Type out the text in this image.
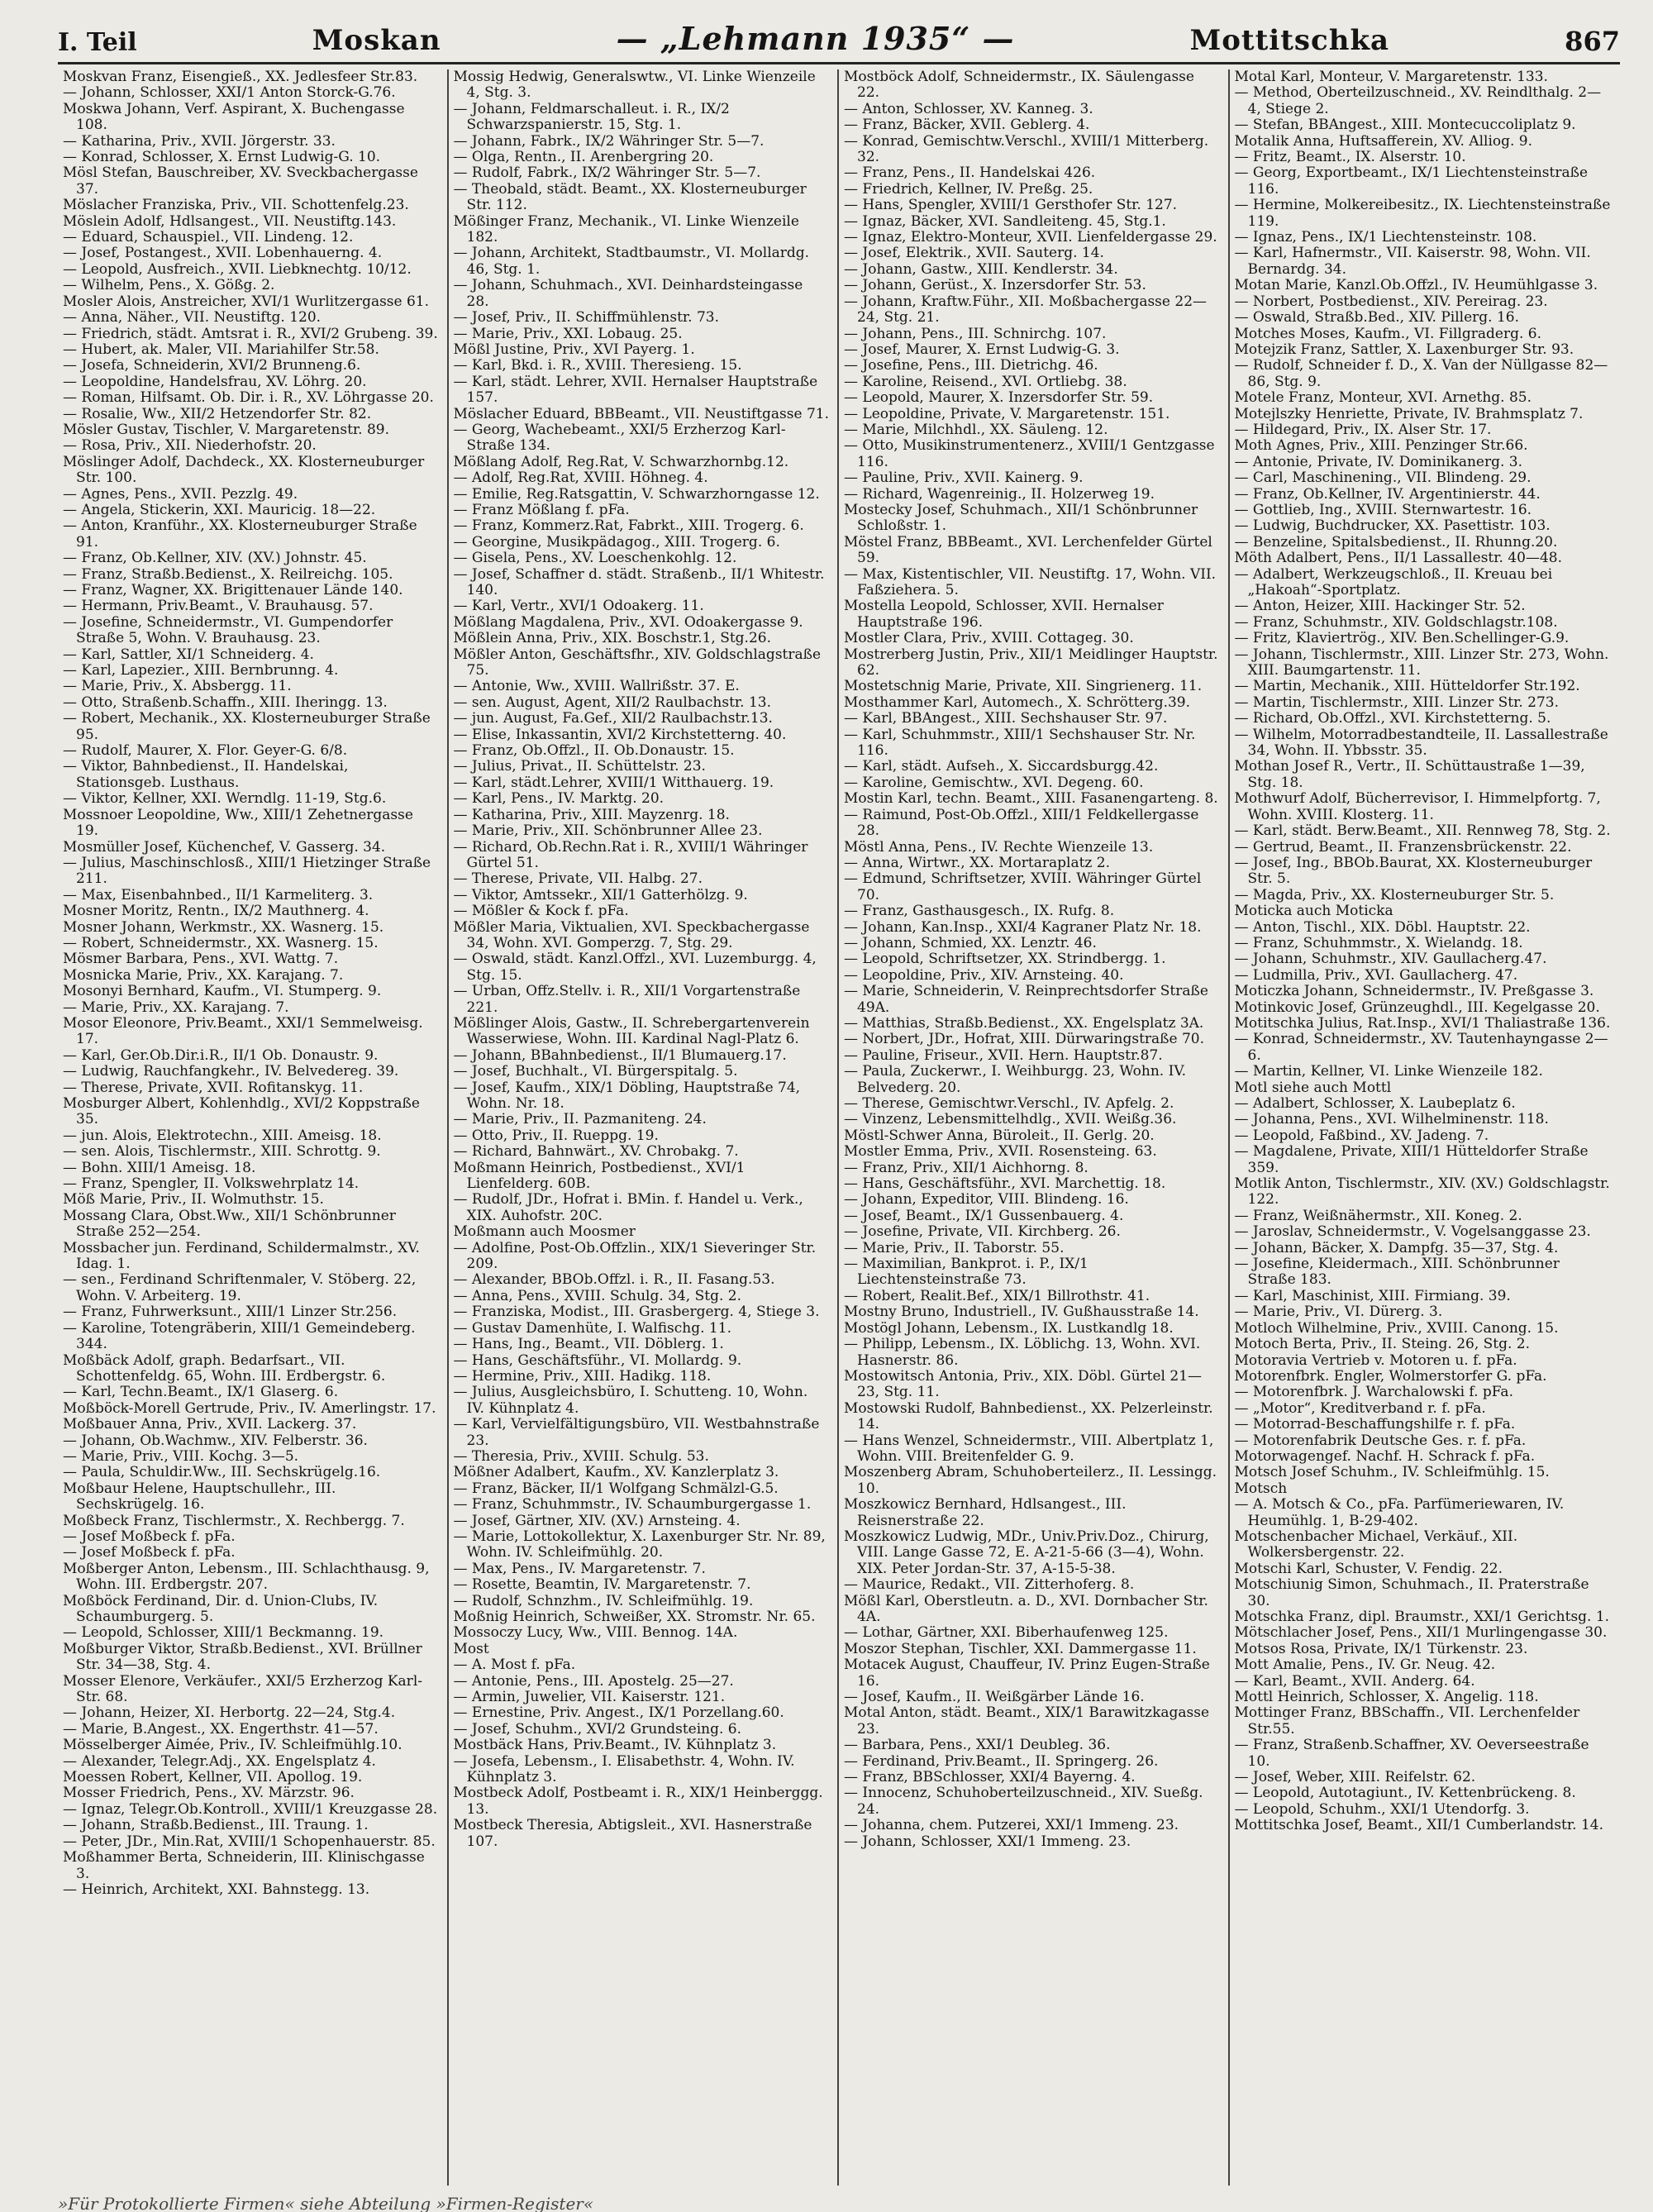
I. Teil	Moskan	— „Lehmann 1935“ —	Mottitschka	867
Moskvan Franz, Eisengieß., XX. Jedlesfeer Str.83.
— Johann, Schlosser, XXI/1 Anton Storck-G.76.
Moskwa Johann, Verf. Aspirant, X. Buchengasse 108.
— Katharina, Priv., XVII. Jörgerstr. 33.
— Konrad, Schlosser, X. Ernst Ludwig-G. 10.
Mösl Stefan, Bauschreiber, XV. Sveckbachergasse 37.
Möslacher Franziska, Priv., VII. Schottenfelg.23.
Möslein Adolf, Hdlsangest., VII. Neustiftg.143.
— Eduard, Schauspiel., VII. Lindeng. 12.
— Josef, Postangest., XVII. Lobenhauerng. 4.
— Leopold, Ausfreich., XVII. Liebknechtg. 10/12.
— Wilhelm, Pens., X. Gößg. 2.
Mosler Alois, Anstreicher, XVI/1 Wurlitzergasse 61.
— Anna, Näher., VII. Neustiftg. 120.
— Friedrich, städt. Amtsrat i. R., XVI/2 Grubeng. 39.
— Hubert, ak. Maler, VII. Mariahilfer Str.58.
— Josefa, Schneiderin, XVI/2 Brunneng.6.
— Leopoldine, Handelsfrau, XV. Löhrg. 20.
— Roman, Hilfsamt. Ob. Dir. i. R., XV. Löhrgasse 20.
— Rosalie, Ww., XII/2 Hetzendorfer Str. 82.
Mösler Gustav, Tischler, V. Margaretenstr. 89.
— Rosa, Priv., XII. Niederhofstr. 20.
Möslinger Adolf, Dachdeck., XX. Klosterneuburger Str. 100.
— Agnes, Pens., XVII. Pezzlg. 49.
— Angela, Stickerin, XXI. Mauricig. 18—22.
— Anton, Kranführ., XX. Klosterneuburger Straße 91.
— Franz, Ob.Kellner, XIV. (XV.) Johnstr. 45.
— Franz, Straßb.Bedienst., X. Reilreichg. 105.
— Franz, Wagner, XX. Brigittenauer Lände 140.
— Hermann, Priv.Beamt., V. Brauhausg. 57.
— Josefine, Schneidermstr., VI. Gumpendorfer Straße 5, Wohn. V. Brauhausg. 23.
— Karl, Sattler, XI/1 Schneiderg. 4.
— Karl, Lapezier., XIII. Bernbrunng. 4.
— Marie, Priv., X. Absbergg. 11.
— Otto, Straßenb.Schaffn., XIII. Iheringg. 13.
— Robert, Mechanik., XX. Klosterneuburger Straße 95.
— Rudolf, Maurer, X. Flor. Geyer-G. 6/8.
— Viktor, Bahnbedienst., II. Handelskai, Stationsgeb. Lusthaus.
— Viktor, Kellner, XXI. Werndlg. 11-19, Stg.6.
Mossnoer Leopoldine, Ww., XIII/1 Zehetnergasse 19.
Mosmüller Josef, Küchenchef, V. Gasserg. 34.
— Julius, Maschinschlosß., XIII/1 Hietzinger Straße 211.
— Max, Eisenbahnbed., II/1 Karmeliterg. 3.
Mosner Moritz, Rentn., IX/2 Mauthnerg. 4.
Mosner Johann, Werkmstr., XX. Wasnerg. 15.
— Robert, Schneidermstr., XX. Wasnerg. 15.
Mösmer Barbara, Pens., XVI. Wattg. 7.
Mosnicka Marie, Priv., XX. Karajang. 7.
Mosonyi Bernhard, Kaufm., VI. Stumperg. 9.
— Marie, Priv., XX. Karajang. 7.
Mosor Eleonore, Priv.Beamt., XXI/1 Semmelweisg. 17.
— Karl, Ger.Ob.Dir.i.R., II/1 Ob. Donaustr. 9.
— Ludwig, Rauchfangkehr., IV. Belvedereg. 39.
— Therese, Private, XVII. Rofitanskyg. 11.
Mosburger Albert, Kohlenhdlg., XVI/2 Koppstraße 35.
— jun. Alois, Elektrotechn., XIII. Ameisg. 18.
— sen. Alois, Tischlermstr., XIII. Schrottg. 9.
— Bohn. XIII/1 Ameisg. 18.
— Franz, Spengler, II. Volkswehrplatz 14.
Möß Marie, Priv., II. Wolmuthstr. 15.
Mossang Clara, Obst.Ww., XII/1 Schönbrunner Straße 252—254.
Mossbacher jun. Ferdinand, Schildermalmstr., XV. Idag. 1.
— sen., Ferdinand Schriftenmaler, V. Stöberg. 22, Wohn. V. Arbeiterg. 19.
— Franz, Fuhrwerksunt., XIII/1 Linzer Str.256.
— Karoline, Totengräberin, XIII/1 Gemeindeberg. 344.
Moßbäck Adolf, graph. Bedarfsart., VII. Schottenfeldg. 65, Wohn. III. Erdbergstr. 6.
— Karl, Techn.Beamt., IX/1 Glaserg. 6.
Moßböck-Morell Gertrude, Priv., IV. Amerlingstr. 17.
Moßbauer Anna, Priv., XVII. Lackerg. 37.
— Johann, Ob.Wachmw., XIV. Felberstr. 36.
— Marie, Priv., VIII. Kochg. 3—5.
— Paula, Schuldir.Ww., III. Sechskrügelg.16.
Moßbaur Helene, Hauptschullehr., III. Sechskrügelg. 16.
Moßbeck Franz, Tischlermstr., X. Rechbergg. 7.
— Josef Moßbeck f. pFa.
— Josef Moßbeck f. pFa.
Moßberger Anton, Lebensm., III. Schlachthausg. 9, Wohn. III. Erdbergstr. 207.
Moßböck Ferdinand, Dir. d. Union-Clubs, IV. Schaumburgerg. 5.
— Leopold, Schlosser, XIII/1 Beckmanng. 19.
Moßburger Viktor, Straßb.Bedienst., XVI. Brüllner Str. 34—38, Stg. 4.
Mosser Elenore, Verkäufer., XXI/5 Erzherzog Karl-Str. 68.
— Johann, Heizer, XI. Herbortg. 22—24, Stg.4.
— Marie, B.Angest., XX. Engerthstr. 41—57.
Mösselberger Aimée, Priv., IV. Schleifmühlg.10.
— Alexander, Telegr.Adj., XX. Engelsplatz 4.
Moessen Robert, Kellner, VII. Apollog. 19.
Mosser Friedrich, Pens., XV. Märzstr. 96.
— Ignaz, Telegr.Ob.Kontroll., XVIII/1 Kreuzgasse 28.
— Johann, Straßb.Bedienst., III. Traung. 1.
— Peter, JDr., Min.Rat, XVIII/1 Schopenhauerstr. 85.
Moßhammer Berta, Schneiderin, III. Klinischgasse 3.
— Heinrich, Architekt, XXI. Bahnstegg. 13.
Mossig Hedwig, Generalswtw., VI. Linke Wienzeile 4, Stg. 3.
— Johann, Feldmarschalleut. i. R., IX/2 Schwarzspanierstr. 15, Stg. 1.
— Johann, Fabrk., IX/2 Währinger Str. 5—7.
— Olga, Rentn., II. Arenbergring 20.
— Rudolf, Fabrk., IX/2 Währinger Str. 5—7.
— Theobald, städt. Beamt., XX. Klosterneuburger Str. 112.
Mößinger Franz, Mechanik., VI. Linke Wienzeile 182.
— Johann, Architekt, Stadtbaumstr., VI. Mollardg. 46, Stg. 1.
— Johann, Schuhmach., XVI. Deinhardsteingasse 28.
— Josef, Priv., II. Schiffmühlenstr. 73.
— Marie, Priv., XXI. Lobaug. 25.
Mößl Justine, Priv., XVI Payerg. 1.
— Karl, Bkd. i. R., XVIII. Theresieng. 15.
— Karl, städt. Lehrer, XVII. Hernalser Hauptstraße 157.
Möslacher Eduard, BBBeamt., VII. Neustiftgasse 71.
— Georg, Wachebeamt., XXI/5 Erzherzog Karl-Straße 134.
Mößlang Adolf, Reg.Rat, V. Schwarzhornbg.12.
— Adolf, Reg.Rat, XVIII. Höhneg. 4.
— Emilie, Reg.Ratsgattin, V. Schwarzhorngasse 12.
— Franz Mößlang f. pFa.
— Franz, Kommerz.Rat, Fabrkt., XIII. Trogerg. 6.
— Georgine, Musikpädagog., XIII. Trogerg. 6.
— Gisela, Pens., XV. Loeschenkohlg. 12.
— Josef, Schaffner d. städt. Straßenb., II/1 Whitestr. 140.
— Karl, Vertr., XVI/1 Odoakerg. 11.
Mößlang Magdalena, Priv., XVI. Odoakergasse 9.
Mößlein Anna, Priv., XIX. Boschstr.1, Stg.26.
Mößler Anton, Geschäftsfhr., XIV. Goldschlagstraße 75.
— Antonie, Ww., XVIII. Wallrißstr. 37. E.
— sen. August, Agent, XII/2 Raulbachstr. 13.
— jun. August, Fa.Gef., XII/2 Raulbachstr.13.
— Elise, Inkassantin, XVI/2 Kirchstetterng. 40.
— Franz, Ob.Offzl., II. Ob.Donaustr. 15.
— Julius, Privat., II. Schüttelstr. 23.
— Karl, städt.Lehrer, XVIII/1 Witthauerg. 19.
— Karl, Pens., IV. Marktg. 20.
— Katharina, Priv., XIII. Mayzenrg. 18.
— Marie, Priv., XII. Schönbrunner Allee 23.
— Richard, Ob.Rechn.Rat i. R., XVIII/1 Währinger Gürtel 51.
— Therese, Private, VII. Halbg. 27.
— Viktor, Amtssekr., XII/1 Gatterhölzg. 9.
— Mößler & Kock f. pFa.
Mößler Maria, Viktualien, XVI. Speckbachergasse 34, Wohn. XVI. Gomperzg. 7, Stg. 29.
— Oswald, städt. Kanzl.Offzl., XVI. Luzemburgg. 4, Stg. 15.
— Urban, Offz.Stellv. i. R., XII/1 Vorgartenstraße 221.
Mößlinger Alois, Gastw., II. Schrebergartenverein Wasserwiese, Wohn. III. Kardinal Nagl-Platz 6.
— Johann, BBahnbedienst., II/1 Blumauerg.17.
— Josef, Buchhalt., VI. Bürgerspitalg. 5.
— Josef, Kaufm., XIX/1 Döbling, Hauptstraße 74, Wohn. Nr. 18.
— Marie, Priv., II. Pazmaniteng. 24.
— Otto, Priv., II. Rueppg. 19.
— Richard, Bahnwärt., XV. Chrobakg. 7.
Moßmann Heinrich, Postbedienst., XVI/1 Lienfelderg. 60B.
— Rudolf, JDr., Hofrat i. BMin. f. Handel u. Verk., XIX. Auhofstr. 20C.
Moßmann auch Moosmer
— Adolfine, Post-Ob.Offzlin., XIX/1 Sieveringer Str. 209.
— Alexander, BBOb.Offzl. i. R., II. Fasang.53.
— Anna, Pens., XVIII. Schulg. 34, Stg. 2.
— Franziska, Modist., III. Grasbergerg. 4, Stiege 3.
— Gustav Damenhüte, I. Walfischg. 11.
— Hans, Ing., Beamt., VII. Döblerg. 1.
— Hans, Geschäftsführ., VI. Mollardg. 9.
— Hermine, Priv., XIII. Hadikg. 118.
— Julius, Ausgleichsbüro, I. Schutteng. 10, Wohn. IV. Kühnplatz 4.
— Karl, Vervielfältigungsbüro, VII. Westbahnstraße 23.
— Theresia, Priv., XVIII. Schulg. 53.
Mößner Adalbert, Kaufm., XV. Kanzlerplatz 3.
— Franz, Bäcker, II/1 Wolfgang Schmälzl-G.5.
— Franz, Schuhmmstr., IV. Schaumburgergasse 1.
— Josef, Gärtner, XIV. (XV.) Arnsteing. 4.
— Marie, Lottokollektur, X. Laxenburger Str. Nr. 89, Wohn. IV. Schleifmühlg. 20.
— Max, Pens., IV. Margaretenstr. 7.
— Rosette, Beamtin, IV. Margaretenstr. 7.
— Rudolf, Schnzhm., IV. Schleifmühlg. 19.
Moßnig Heinrich, Schweißer, XX. Stromstr. Nr. 65.
Mossoczy Lucy, Ww., VIII. Bennog. 14A.
Most
— A. Most f. pFa.
— Antonie, Pens., III. Apostelg. 25—27.
— Armin, Juwelier, VII. Kaiserstr. 121.
— Ernestine, Priv. Angest., IX/1 Porzellang.60.
— Josef, Schuhm., XVI/2 Grundsteing. 6.
Mostbäck Hans, Priv.Beamt., IV. Kühnplatz 3.
— Josefa, Lebensm., I. Elisabethstr. 4, Wohn. IV. Kühnplatz 3.
Mostbeck Adolf, Postbeamt i. R., XIX/1 Heinberggg. 13.
Mostbeck Theresia, Abtigsleit., XVI. Hasnerstraße 107.
Mostböck Adolf, Schneidermstr., IX. Säulengasse 22.
— Anton, Schlosser, XV. Kanneg. 3.
— Franz, Bäcker, XVII. Geblerg. 4.
— Konrad, Gemischtw.Verschl., XVIII/1 Mitterberg. 32.
— Franz, Pens., II. Handelskai 426.
— Friedrich, Kellner, IV. Preßg. 25.
— Hans, Spengler, XVIII/1 Gersthofer Str. 127.
— Ignaz, Bäcker, XVI. Sandleiteng. 45, Stg.1.
— Ignaz, Elektro-Monteur, XVII. Lienfeldergasse 29.
— Josef, Elektrik., XVII. Sauterg. 14.
— Johann, Gastw., XIII. Kendlerstr. 34.
— Johann, Gerüst., X. Inzersdorfer Str. 53.
— Johann, Kraftw.Führ., XII. Moßbachergasse 22—24, Stg. 21.
— Johann, Pens., III. Schnirchg. 107.
— Josef, Maurer, X. Ernst Ludwig-G. 3.
— Josefine, Pens., III. Dietrichg. 46.
— Karoline, Reisend., XVI. Ortliebg. 38.
— Leopold, Maurer, X. Inzersdorfer Str. 59.
— Leopoldine, Private, V. Margaretenstr. 151.
— Marie, Milchhdl., XX. Säuleng. 12.
— Otto, Musikinstrumentenerz., XVIII/1 Gentzgasse 116.
— Pauline, Priv., XVII. Kainerg. 9.
— Richard, Wagenreinig., II. Holzerweg 19.
Mostecky Josef, Schuhmach., XII/1 Schönbrunner Schloßstr. 1.
Möstel Franz, BBBeamt., XVI. Lerchenfelder Gürtel 59.
— Max, Kistentischler, VII. Neustiftg. 17, Wohn. VII. Faßziehera. 5.
Mostella Leopold, Schlosser, XVII. Hernalser Hauptstraße 196.
Mostler Clara, Priv., XVIII. Cottageg. 30.
Mostrerberg Justin, Priv., XII/1 Meidlinger Hauptstr. 62.
Mostetschnig Marie, Private, XII. Singrienerg. 11.
Mosthammer Karl, Automech., X. Schrötterg.39.
— Karl, BBAngest., XIII. Sechshauser Str. 97.
— Karl, Schuhmmstr., XIII/1 Sechshauser Str. Nr. 116.
— Karl, städt. Aufseh., X. Siccardsburgg.42.
— Karoline, Gemischtw., XVI. Degeng. 60.
Mostin Karl, techn. Beamt., XIII. Fasanengarteng. 8.
— Raimund, Post-Ob.Offzl., XIII/1 Feldkellergasse 28.
Möstl Anna, Pens., IV. Rechte Wienzeile 13.
— Anna, Wirtwr., XX. Mortaraplatz 2.
— Edmund, Schriftsetzer, XVIII. Währinger Gürtel 70.
— Franz, Gasthausgesch., IX. Rufg. 8.
— Johann, Kan.Insp., XXI/4 Kagraner Platz Nr. 18.
— Johann, Schmied, XX. Lenztr. 46.
— Leopold, Schriftsetzer, XX. Strindbergg. 1.
— Leopoldine, Priv., XIV. Arnsteing. 40.
— Marie, Schneiderin, V. Reinprechtsdorfer Straße 49A.
— Matthias, Straßb.Bedienst., XX. Engelsplatz 3A.
— Norbert, JDr., Hofrat, XIII. Dürwaringstraße 70.
— Pauline, Friseur., XVII. Hern. Hauptstr.87.
— Paula, Zuckerwr., I. Weihburgg. 23, Wohn. IV. Belvederg. 20.
— Therese, Gemischtwr.Verschl., IV. Apfelg. 2.
— Vinzenz, Lebensmittelhdlg., XVII. Weißg.36.
Möstl-Schwer Anna, Büroleit., II. Gerlg. 20.
Mostler Emma, Priv., XVII. Rosensteing. 63.
— Franz, Priv., XII/1 Aichhorng. 8.
— Hans, Geschäftsführ., XVI. Marchettig. 18.
— Johann, Expeditor, VIII. Blindeng. 16.
— Josef, Beamt., IX/1 Gussenbauerg. 4.
— Josefine, Private, VII. Kirchberg. 26.
— Marie, Priv., II. Taborstr. 55.
— Maximilian, Bankprot. i. P., IX/1 Liechtensteinstraße 73.
— Robert, Realit.Bef., XIX/1 Billrothstr. 41.
Mostny Bruno, Industriell., IV. Gußhausstraße 14.
Mostögl Johann, Lebensm., IX. Lustkandlg 18.
— Philipp, Lebensm., IX. Löblichg. 13, Wohn. XVI. Hasnerstr. 86.
Mostowitsch Antonia, Priv., XIX. Döbl. Gürtel 21—23, Stg. 11.
Mostowski Rudolf, Bahnbedienst., XX. Pelzerleinstr. 14.
— Hans Wenzel, Schneidermstr., VIII. Albertplatz 1, Wohn. VIII. Breitenfelder G. 9.
Moszenberg Abram, Schuhoberteilerz., II. Lessingg. 10.
Moszkowicz Bernhard, Hdlsangest., III. Reisnerstraße 22.
Moszkowicz Ludwig, MDr., Univ.Priv.Doz., Chirurg, VIII. Lange Gasse 72, E. A-21-5-66 (3—4), Wohn. XIX. Peter Jordan-Str. 37, A-15-5-38.
— Maurice, Redakt., VII. Zitterhoferg. 8.
Mößl Karl, Oberstleutn. a. D., XVI. Dornbacher Str. 4A.
— Lothar, Gärtner, XXI. Biberhaufenweg 125.
Moszor Stephan, Tischler, XXI. Dammergasse 11.
Motacek August, Chauffeur, IV. Prinz Eugen-Straße 16.
— Josef, Kaufm., II. Weißgärber Lände 16.
Motal Anton, städt. Beamt., XIX/1 Barawitzkagasse 23.
— Barbara, Pens., XXI/1 Deubleg. 36.
— Ferdinand, Priv.Beamt., II. Springerg. 26.
— Franz, BBSchlosser, XXI/4 Bayerng. 4.
— Innocenz, Schuhoberteilzuschneid., XIV. Sueßg. 24.
— Johanna, chem. Putzerei, XXI/1 Immeng. 23.
— Johann, Schlosser, XXI/1 Immeng. 23.
Motal Karl, Monteur, V. Margaretenstr. 133.
— Method, Oberteilzuschneid., XV. Reindlthalg. 2—4, Stiege 2.
— Stefan, BBAngest., XIII. Montecuccoliplatz 9.
Motalik Anna, Huftsafferein, XV. Alliog. 9.
— Fritz, Beamt., IX. Alserstr. 10.
— Georg, Exportbeamt., IX/1 Liechtensteinstraße 116.
— Hermine, Molkereibesitz., IX. Liechtensteinstraße 119.
— Ignaz, Pens., IX/1 Liechtensteinstr. 108.
— Karl, Hafnermstr., VII. Kaiserstr. 98, Wohn. VII. Bernardg. 34.
Motan Marie, Kanzl.Ob.Offzl., IV. Heumühlgasse 3.
— Norbert, Postbedienst., XIV. Pereirag. 23.
— Oswald, Straßb.Bed., XIV. Pillerg. 16.
Motches Moses, Kaufm., VI. Fillgraderg. 6.
Motejzik Franz, Sattler, X. Laxenburger Str. 93.
— Rudolf, Schneider f. D., X. Van der Nüllgasse 82—86, Stg. 9.
Motele Franz, Monteur, XVI. Arnethg. 85.
Motejlszky Henriette, Private, IV. Brahmsplatz 7.
— Hildegard, Priv., IX. Alser Str. 17.
Moth Agnes, Priv., XIII. Penzinger Str.66.
— Antonie, Private, IV. Dominikanerg. 3.
— Carl, Maschinening., VII. Blindeng. 29.
— Franz, Ob.Kellner, IV. Argentinierstr. 44.
— Gottlieb, Ing., XVIII. Sternwartestr. 16.
— Ludwig, Buchdrucker, XX. Pasettistr. 103.
— Benzeline, Spitalsbedienst., II. Rhunng.20.
Möth Adalbert, Pens., II/1 Lassallestr. 40—48.
— Adalbert, Werkzeugschloß., II. Kreuau bei „Hakoah“-Sportplatz.
— Anton, Heizer, XIII. Hackinger Str. 52.
— Franz, Schuhmstr., XIV. Goldschlagstr.108.
— Fritz, Klaviertrög., XIV. Ben.Schellinger-G.9.
— Johann, Tischlermstr., XIII. Linzer Str. 273, Wohn. XIII. Baumgartenstr. 11.
— Martin, Mechanik., XIII. Hütteldorfer Str.192.
— Martin, Tischlermstr., XIII. Linzer Str. 273.
— Richard, Ob.Offzl., XVI. Kirchstetterng. 5.
— Wilhelm, Motorradbestandteile, II. Lassallestraße 34, Wohn. II. Ybbsstr. 35.
Mothan Josef R., Vertr., II. Schüttaustraße 1—39, Stg. 18.
Mothwurf Adolf, Bücherrevisor, I. Himmelpfortg. 7, Wohn. XVIII. Klosterg. 11.
— Karl, städt. Berw.Beamt., XII. Rennweg 78, Stg. 2.
— Gertrud, Beamt., II. Franzensbrückenstr. 22.
— Josef, Ing., BBOb.Baurat, XX. Klosterneuburger Str. 5.
— Magda, Priv., XX. Klosterneuburger Str. 5.
Moticka auch Moticka
— Anton, Tischl., XIX. Döbl. Hauptstr. 22.
— Franz, Schuhmmstr., X. Wielandg. 18.
— Johann, Schuhmstr., XIV. Gaullacherg.47.
— Ludmilla, Priv., XVI. Gaullacherg. 47.
Moticzka Johann, Schneidermstr., IV. Preßgasse 3.
Motinkovic Josef, Grünzeughdl., III. Kegelgasse 20.
Motitschka Julius, Rat.Insp., XVI/1 Thaliastraße 136.
— Konrad, Schneidermstr., XV. Tautenhayngasse 2—6.
— Martin, Kellner, VI. Linke Wienzeile 182.
Motl siehe auch Mottl
— Adalbert, Schlosser, X. Laubeplatz 6.
— Johanna, Pens., XVI. Wilhelminenstr. 118.
— Leopold, Faßbind., XV. Jadeng. 7.
— Magdalene, Private, XIII/1 Hütteldorfer Straße 359.
Motlik Anton, Tischlermstr., XIV. (XV.) Goldschlagstr. 122.
— Franz, Weißnähermstr., XII. Koneg. 2.
— Jaroslav, Schneidermstr., V. Vogelsanggasse 23.
— Johann, Bäcker, X. Dampfg. 35—37, Stg. 4.
— Josefine, Kleidermach., XIII. Schönbrunner Straße 183.
— Karl, Maschinist, XIII. Firmiang. 39.
— Marie, Priv., VI. Dürerg. 3.
Motloch Wilhelmine, Priv., XVIII. Canong. 15.
Motoch Berta, Priv., II. Steing. 26, Stg. 2.
Motoravia Vertrieb v. Motoren u. f. pFa.
Motorenfbrk. Engler, Wolmerstorfer G. pFa.
— Motorenfbrk. J. Warchalowski f. pFa.
— „Motor“, Kreditverband r. f. pFa.
— Motorrad-Beschaffungshilfe r. f. pFa.
— Motorenfabrik Deutsche Ges. r. f. pFa.
Motorwagengef. Nachf. H. Schrack f. pFa.
Motsch Josef Schuhm., IV. Schleifmühlg. 15.
Motsch
— A. Motsch & Co., pFa. Parfümeriewaren, IV. Heumühlg. 1, B-29-402.
Motschenbacher Michael, Verkäuf., XII. Wolkersbergenstr. 22.
Motschi Karl, Schuster, V. Fendig. 22.
Motschiunig Simon, Schuhmach., II. Praterstraße 30.
Motschka Franz, dipl. Braumstr., XXI/1 Gerichtsg. 1.
Mötschlacher Josef, Pens., XII/1 Murlingengasse 30.
Motsos Rosa, Private, IX/1 Türkenstr. 23.
Mott Amalie, Pens., IV. Gr. Neug. 42.
— Karl, Beamt., XVII. Anderg. 64.
Mottl Heinrich, Schlosser, X. Angelig. 118.
Mottinger Franz, BBSchaffn., VII. Lerchenfelder Str.55.
— Franz, Straßenb.Schaffner, XV. Oeverseestraße 10.
— Josef, Weber, XIII. Reifelstr. 62.
— Leopold, Autotagiunt., IV. Kettenbrückeng. 8.
— Leopold, Schuhm., XXI/1 Utendorfg. 3.
Mottitschka Josef, Beamt., XII/1 Cumberlandstr. 14.
»Für Protokollierte Firmen« siehe Abteilung »Firmen-Register«
